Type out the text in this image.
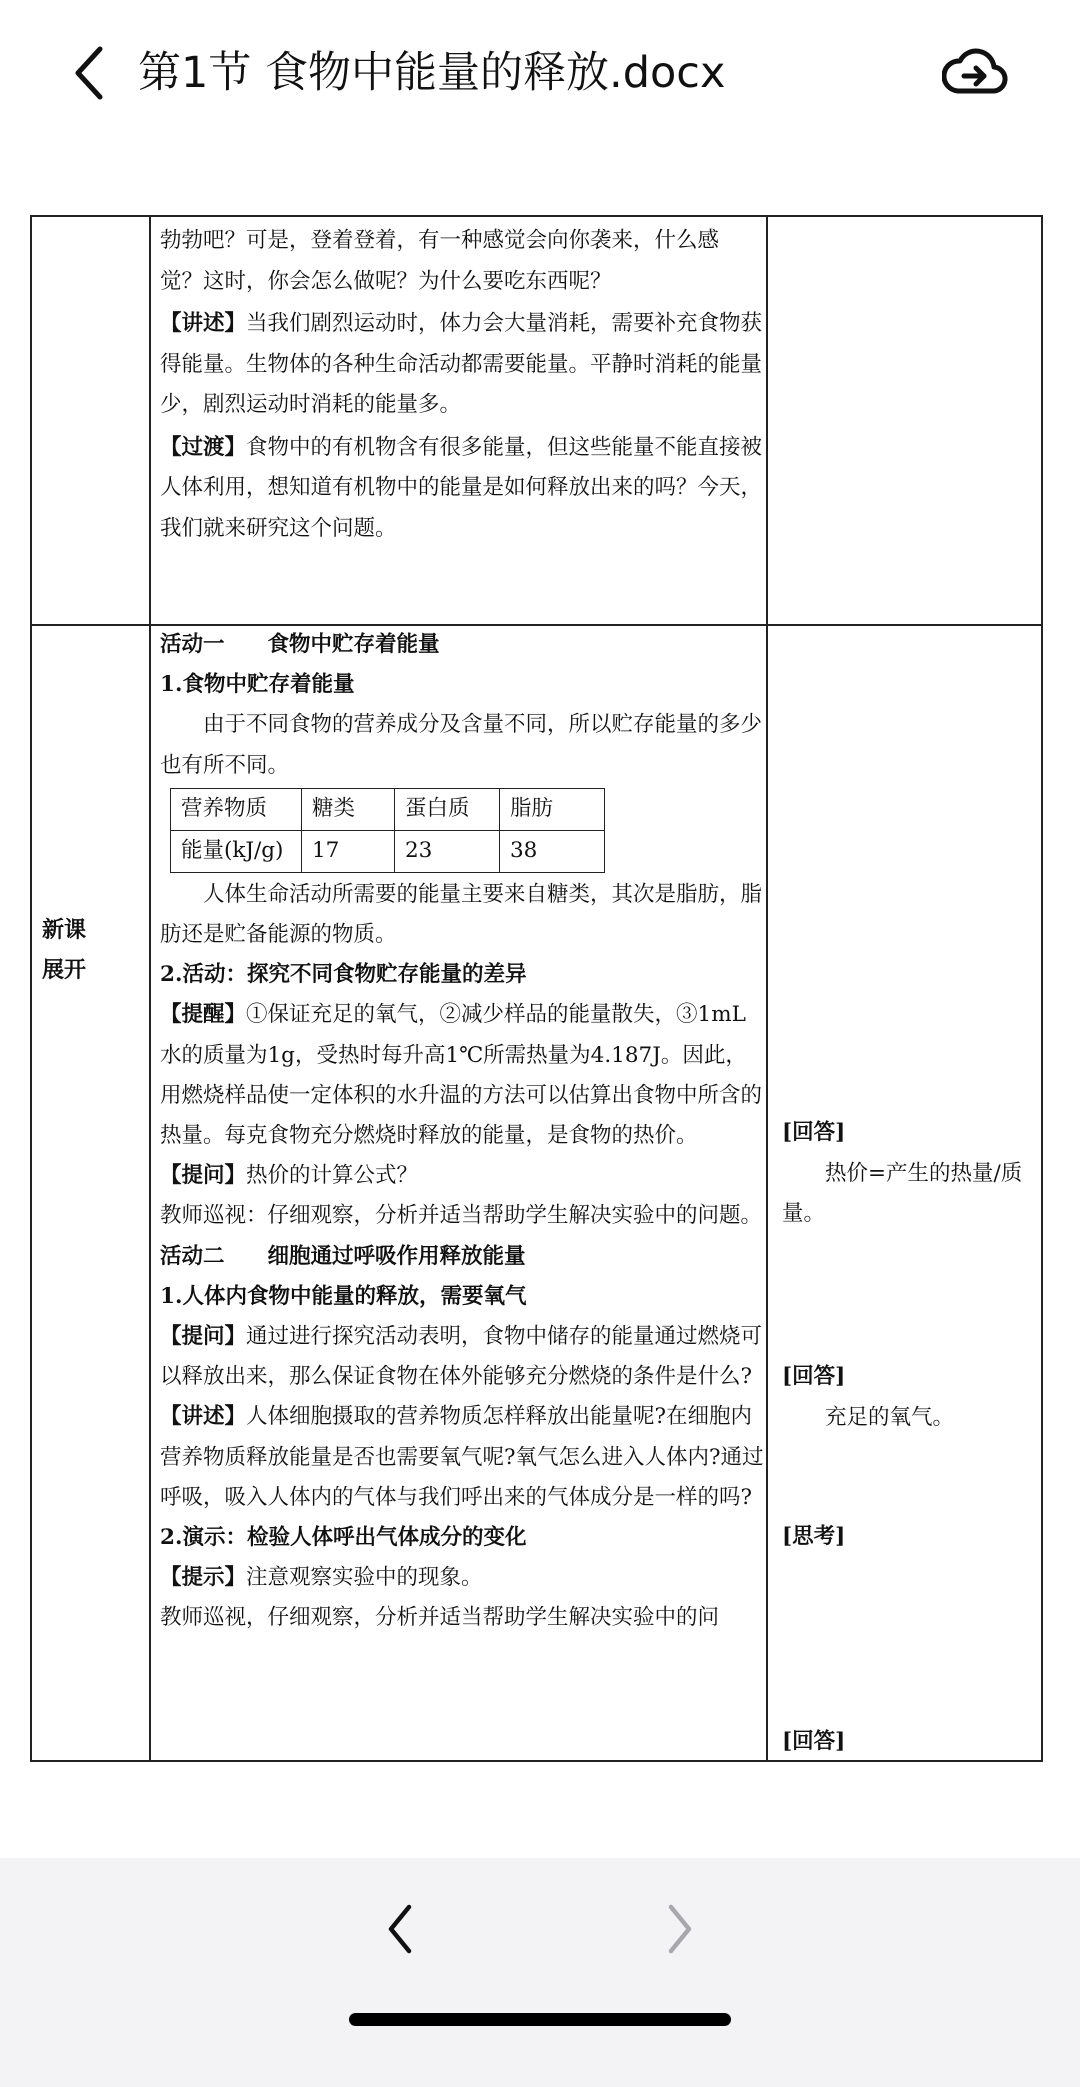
第1节 食物中能量的释放.docx

勃勃吧？可是，登着登着，有一种感觉会向你袭来，什么感

觉？这时，你会怎么做呢？为什么要吃东西呢？

【讲述】当我们剧烈运动时，体力会大量消耗，需要补充食物获得能量。生物体的各种生命活动都需要能量。平静时消耗的能量少，剧烈运动时消耗的能量多。

【过渡】食物中的有机物含有很多能量，但这些能量不能直接被人体利用，想知道有机物中的能量是如何释放出来的吗？今天，我们就来研究这个问题。

新课
展开

活动一　　食物中贮存着能量

1.食物中贮存着能量

由于不同食物的营养成分及含量不同，所以贮存能量的多少也有所不同。

营养物质	糖类	蛋白质	脂肪
能量(kJ/g)	17	23	38

人体生命活动所需要的能量主要来自糖类，其次是脂肪，脂肪还是贮备能源的物质。

2.活动：探究不同食物贮存能量的差异

【提醒】①保证充足的氧气，②减少样品的能量散失，③1mL水的质量为1g，受热时每升高1℃所需热量为4.187J。因此，用燃烧样品使一定体积的水升温的方法可以估算出食物中所含的热量。每克食物充分燃烧时释放的能量，是食物的热价。

【提问】热价的计算公式？

教师巡视：仔细观察，分析并适当帮助学生解决实验中的问题。

活动二　　细胞通过呼吸作用释放能量

1.人体内食物中能量的释放，需要氧气

【提问】通过进行探究活动表明，食物中储存的能量通过燃烧可以释放出来，那么保证食物在体外能够充分燃烧的条件是什么?

【讲述】人体细胞摄取的营养物质怎样释放出能量呢?在细胞内营养物质释放能量是否也需要氧气呢?氧气怎么进入人体内?通过呼吸，吸入人体内的气体与我们呼出来的气体成分是一样的吗?

2.演示：检验人体呼出气体成分的变化

【提示】注意观察实验中的现象。

教师巡视，仔细观察，分析并适当帮助学生解决实验中的问

[回答]

热价=产生的热量/质量。

[回答]

充足的氧气。

[思考]

[回答]
